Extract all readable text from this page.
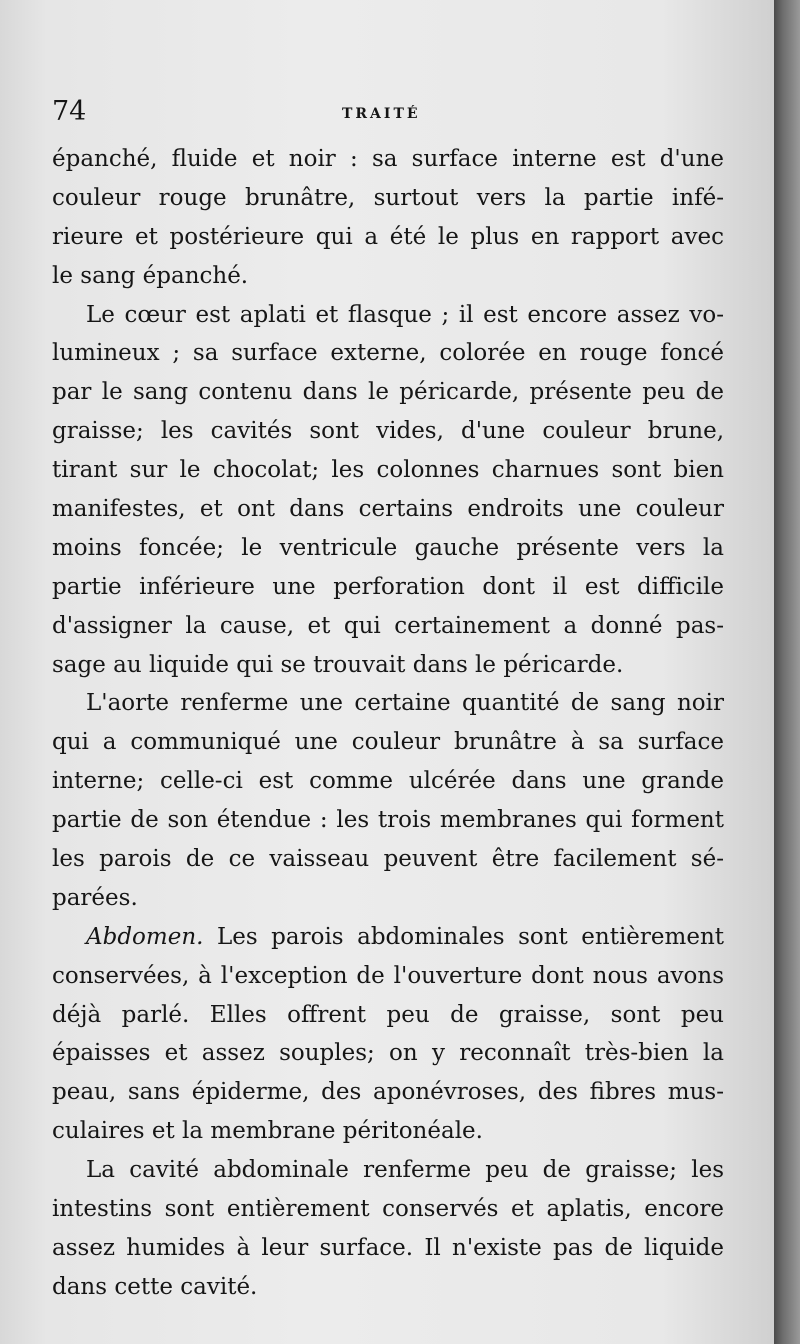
74	TRAITÉ
épanché, fluide et noir : sa surface interne est d'une
couleur rouge brunâtre, surtout vers la partie infé-
rieure et postérieure qui a été le plus en rapport avec
le sang épanché.
Le cœur est aplati et flasque ; il est encore assez vo-
lumineux ; sa surface externe, colorée en rouge foncé
par le sang contenu dans le péricarde, présente peu de
graisse; les cavités sont vides, d'une couleur brune,
tirant sur le chocolat; les colonnes charnues sont bien
manifestes, et ont dans certains endroits une couleur
moins foncée; le ventricule gauche présente vers la
partie inférieure une perforation dont il est difficile
d'assigner la cause, et qui certainement a donné pas-
sage au liquide qui se trouvait dans le péricarde.
L'aorte renferme une certaine quantité de sang noir
qui a communiqué une couleur brunâtre à sa surface
interne; celle-ci est comme ulcérée dans une grande
partie de son étendue : les trois membranes qui forment
les parois de ce vaisseau peuvent être facilement sé-
parées.
Abdomen. Les parois abdominales sont entièrement
conservées, à l'exception de l'ouverture dont nous avons
déjà parlé. Elles offrent peu de graisse, sont peu
épaisses et assez souples; on y reconnaît très-bien la
peau, sans épiderme, des aponévroses, des fibres mus-
culaires et la membrane péritonéale.
La cavité abdominale renferme peu de graisse; les
intestins sont entièrement conservés et aplatis, encore
assez humides à leur surface. Il n'existe pas de liquide
dans cette cavité.
